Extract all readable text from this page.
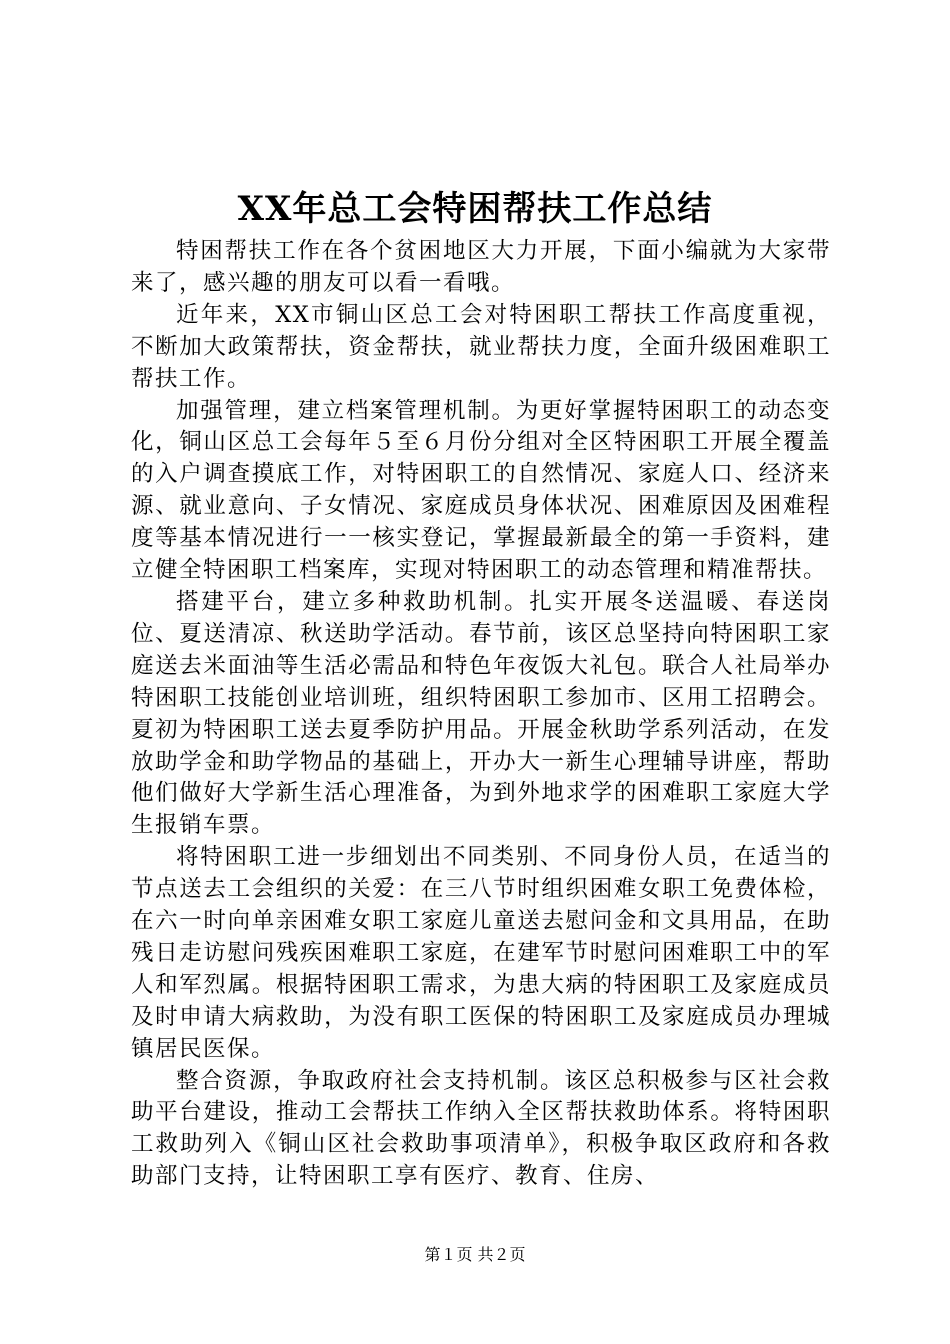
XX年总工会特困帮扶工作总结

特困帮扶工作在各个贫困地区大力开展，下面小编就为大家带来了，感兴趣的朋友可以看一看哦。

近年来，XX市铜山区总工会对特困职工帮扶工作高度重视，不断加大政策帮扶，资金帮扶，就业帮扶力度，全面升级困难职工帮扶工作。

加强管理，建立档案管理机制。为更好掌握特困职工的动态变化，铜山区总工会每年５至６月份分组对全区特困职工开展全覆盖的入户调查摸底工作，对特困职工的自然情况、家庭人口、经济来源、就业意向、子女情况、家庭成员身体状况、困难原因及困难程度等基本情况进行一一核实登记，掌握最新最全的第一手资料，建立健全特困职工档案库，实现对特困职工的动态管理和精准帮扶。

搭建平台，建立多种救助机制。扎实开展冬送温暖、春送岗位、夏送清凉、秋送助学活动。春节前，该区总坚持向特困职工家庭送去米面油等生活必需品和特色年夜饭大礼包。联合人社局举办特困职工技能创业培训班，组织特困职工参加市、区用工招聘会。夏初为特困职工送去夏季防护用品。开展金秋助学系列活动，在发放助学金和助学物品的基础上，开办大一新生心理辅导讲座，帮助他们做好大学新生活心理准备，为到外地求学的困难职工家庭大学生报销车票。

将特困职工进一步细划出不同类别、不同身份人员，在适当的节点送去工会组织的关爱：在三八节时组织困难女职工免费体检，在六一时向单亲困难女职工家庭儿童送去慰问金和文具用品，在助残日走访慰问残疾困难职工家庭，在建军节时慰问困难职工中的军人和军烈属。根据特困职工需求，为患大病的特困职工及家庭成员及时申请大病救助，为没有职工医保的特困职工及家庭成员办理城镇居民医保。

整合资源，争取政府社会支持机制。该区总积极参与区社会救助平台建设，推动工会帮扶工作纳入全区帮扶救助体系。将特困职工救助列入《铜山区社会救助事项清单》，积极争取区政府和各救助部门支持，让特困职工享有医疗、教育、住房、

第１页 共２页
